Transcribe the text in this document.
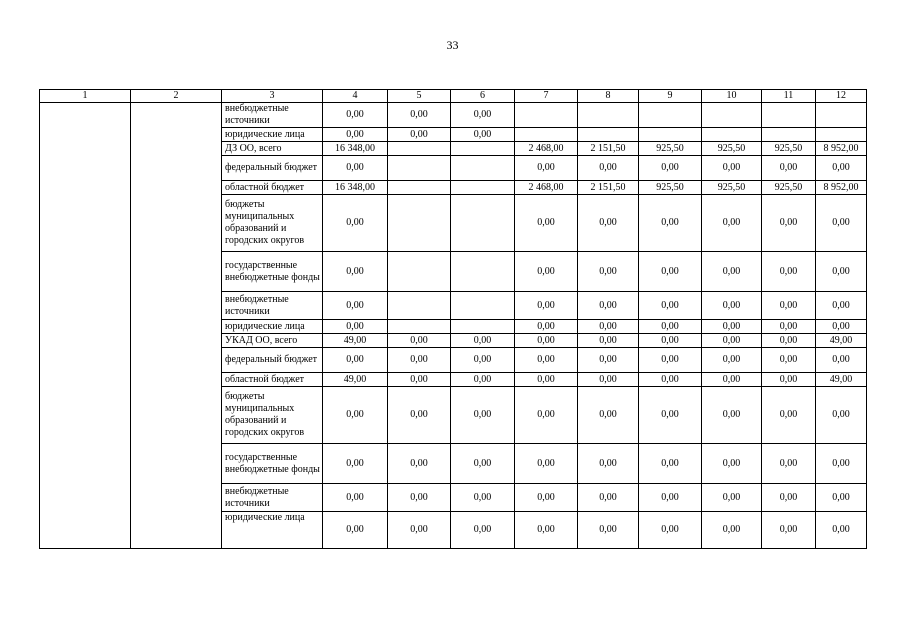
33
1	2	3	4	5	6	7	8	9	10	11	12
		внебюджетные источники	0,00	0,00	0,00						
		юридические лица	0,00	0,00	0,00						
		ДЗ ОО, всего	16 348,00			2 468,00	2 151,50	925,50	925,50	925,50	8 952,00
		федеральный бюджет	0,00			0,00	0,00	0,00	0,00	0,00	0,00
		областной бюджет	16 348,00			2 468,00	2 151,50	925,50	925,50	925,50	8 952,00
		бюджеты муниципальных образований и городских округов	0,00			0,00	0,00	0,00	0,00	0,00	0,00
		государственные внебюджетные фонды	0,00			0,00	0,00	0,00	0,00	0,00	0,00
		внебюджетные источники	0,00			0,00	0,00	0,00	0,00	0,00	0,00
		юридические лица	0,00			0,00	0,00	0,00	0,00	0,00	0,00
		УКАД ОО, всего	49,00	0,00	0,00	0,00	0,00	0,00	0,00	0,00	49,00
		федеральный бюджет	0,00	0,00	0,00	0,00	0,00	0,00	0,00	0,00	0,00
		областной бюджет	49,00	0,00	0,00	0,00	0,00	0,00	0,00	0,00	49,00
		бюджеты муниципальных образований и городских округов	0,00	0,00	0,00	0,00	0,00	0,00	0,00	0,00	0,00
		государственные внебюджетные фонды	0,00	0,00	0,00	0,00	0,00	0,00	0,00	0,00	0,00
		внебюджетные источники	0,00	0,00	0,00	0,00	0,00	0,00	0,00	0,00	0,00
		юридические лица	0,00	0,00	0,00	0,00	0,00	0,00	0,00	0,00	0,00
